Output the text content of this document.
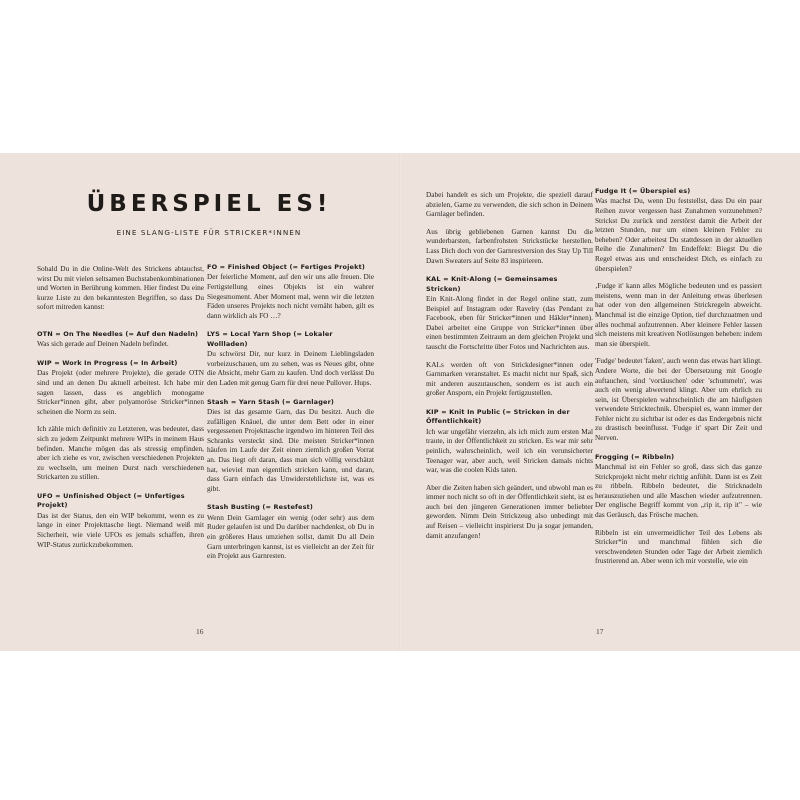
ÜBERSPIEL ES!
EINE SLANG-LISTE FÜR STRICKER*INNEN

Sobald Du in die Online-Welt des Strickens abtauchst, wirst Du mit vielen seltsamen Buchstabenkombinationen und Worten in Berührung kommen. Hier findest Du eine kurze Liste zu den bekanntesten Begriffen, so dass Du sofort mitreden kannst:

OTN = On The Needles (= Auf den Nadeln)

Was sich gerade auf Deinen Nadeln befindet.

WIP = Work In Progress (= In Arbeit)

Das Projekt (oder mehrere Projekte), die gerade OTN sind und an denen Du aktuell arbeitest. Ich habe mir sagen lassen, dass es angeblich monogame Stricker*innen gibt, aber polyamoröse Stricker*innen scheinen die Norm zu sein.

Ich zähle mich definitiv zu Letzteren, was bedeutet, dass sich zu jedem Zeitpunkt mehrere WIPs in meinem Haus befinden. Manche mögen das als stressig empfinden, aber ich ziehe es vor, zwischen verschiedenen Projekten zu wechseln, um meinen Durst nach verschiedenen Strickarten zu stillen.

UFO = Unfinished Object (= Unfertiges Projekt)

Das ist der Status, den ein WIP bekommt, wenn es zu lange in einer Projekttasche liegt. Niemand weiß mit Sicherheit, wie viele UFOs es jemals schaffen, ihren WIP-Status zurückzubekommen.

FO = Finished Object (= Fertiges Projekt)

Der feierliche Moment, auf den wir uns alle freuen. Die Fertigstellung eines Objekts ist ein wahrer Siegesmoment. Aber Moment mal, wenn wir die letzten Fäden unseres Projekts noch nicht vernäht haben, gilt es dann wirklich als FO …?

LYS = Local Yarn Shop (= Lokaler Wollladen)

Du schwörst Dir, nur kurz in Deinem Lieblingsladen vorbeizuschauen, um zu sehen, was es Neues gibt, ohne die Absicht, mehr Garn zu kaufen. Und doch verlässt Du den Laden mit genug Garn für drei neue Pullover. Hups.

Stash = Yarn Stash (= Garnlager)

Dies ist das gesamte Garn, das Du besitzt. Auch die zufälligen Knäuel, die unter dem Bett oder in einer vergessenen Projekttasche irgendwo im hinteren Teil des Schranks versteckt sind. Die meisten Stricker*innen häufen im Laufe der Zeit einen ziemlich großen Vorrat an. Das liegt oft daran, dass man sich völlig verschätzt hat, wieviel man eigentlich stricken kann, und daran, dass Garn einfach das Unwiderstehlichste ist, was es gibt.

Stash Busting (= Restefest)

Wenn Dein Garnlager ein wenig (oder sehr) aus dem Ruder gelaufen ist und Du darüber nachdenkst, ob Du in ein größeres Haus umziehen sollst, damit Du all Dein Garn unterbringen kannst, ist es vielleicht an der Zeit für ein Projekt aus Garnresten.

16

Dabei handelt es sich um Projekte, die speziell darauf abzielen, Garne zu verwenden, die sich schon in Deinem Garnlager befinden.

Aus übrig gebliebenen Garnen kannst Du die wunderbarsten, farbenfrohsten Strickstücke herstellen. Lass Dich doch von der Garnrestversion des Stay Up Till Dawn Sweaters auf Seite 83 inspirieren.

KAL = Knit-Along (= Gemeinsames Stricken)

Ein Knit-Along findet in der Regel online statt, zum Beispiel auf Instagram oder Ravelry (das Pendant zu Facebook, eben für Stricker*innen und Häkler*innen). Dabei arbeitet eine Gruppe von Stricker*innen über einen bestimmten Zeitraum an dem gleichen Projekt und tauscht die Fortschritte über Fotos und Nachrichten aus.

KALs werden oft von Strickdesigner*innen oder Garnmarken veranstaltet. Es macht nicht nur Spaß, sich mit anderen auszutauschen, sondern es ist auch ein großer Ansporn, ein Projekt fertigzustellen.

KIP = Knit In Public (= Stricken in der Öffentlichkeit)

Ich war ungefähr vierzehn, als ich mich zum ersten Mal traute, in der Öffentlichkeit zu stricken. Es war mir sehr peinlich, wahrscheinlich, weil ich ein verunsicherter Teenager war, aber auch, weil Stricken damals nichts war, was die coolen Kids taten.

Aber die Zeiten haben sich geändert, und obwohl man es immer noch nicht so oft in der Öffentlichkeit sieht, ist es auch bei den jüngeren Generationen immer beliebter geworden. Nimm Dein Strickzeug also unbedingt mit auf Reisen – vielleicht inspirierst Du ja sogar jemanden, damit anzufangen!

Fudge It (= Überspiel es)

Was machst Du, wenn Du feststellst, dass Du ein paar Reihen zuvor vergessen hast Zunahmen vorzunehmen? Strickst Du zurück und zerstörst damit die Arbeit der letzten Stunden, nur um einen kleinen Fehler zu beheben? Oder arbeitest Du stattdessen in der aktuellen Reihe die Zunahmen? Im Endeffekt: Biegst Du die Regel etwas aus und entscheidest Dich, es einfach zu überspielen?

‚Fudge it' kann alles Mögliche bedeuten und es passiert meistens, wenn man in der Anleitung etwas überlesen hat oder von den allgemeinen Strickregeln abweicht. Manchmal ist die einzige Option, tief durchzuatmen und alles nochmal aufzutrennen. Aber kleinere Fehler lassen sich meistens mit kreativen Notlösungen beheben: indem man sie überspielt.

'Fudge' bedeutet 'faken', auch wenn das etwas hart klingt. Andere Worte, die bei der Übersetzung mit Google auftauchen, sind 'vortäuschen' oder 'schummeln', was auch ein wenig abwertend klingt. Aber um ehrlich zu sein, ist Überspielen wahrscheinlich die am häufigsten verwendete Stricktechnik. Überspiel es, wann immer der Fehler nicht zu sichtbar ist oder es das Endergebnis nicht zu drastisch beeinflusst. 'Fudge it' spart Dir Zeit und Nerven.

Frogging (= Ribbeln)

Manchmal ist ein Fehler so groß, dass sich das ganze Strickprojekt nicht mehr richtig anfühlt. Dann ist es Zeit zu ribbeln. Ribbeln bedeutet, die Stricknadeln herauszuziehen und alle Maschen wieder aufzutrennen. Der englische Begriff kommt von „rip it, rip it" – wie das Geräusch, das Frösche machen.

Ribbeln ist ein unvermeidlicher Teil des Lebens als Stricker*in und manchmal fühlen sich die verschwendeten Stunden oder Tage der Arbeit ziemlich frustrierend an. Aber wenn ich mir vorstelle, wie ein

17
